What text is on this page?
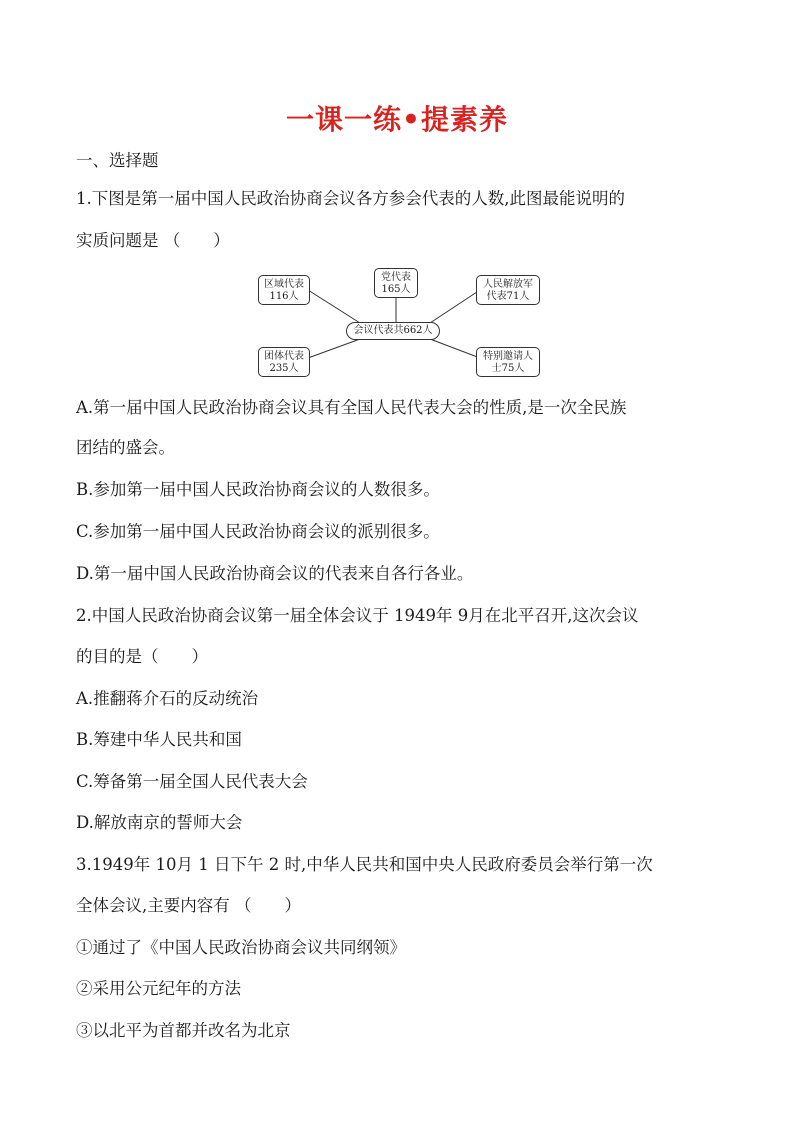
一课一练•提素养
一、选择题
1.下图是第一届中国人民政治协商会议各方参会代表的人数,此图最能说明的
实质问题是 （　　）
区域代表
116人
党代表
165人	人民解放军
代表71人
会议代表共662人
团体代表
235人
特别邀请人
士75人
A.第一届中国人民政治协商会议具有全国人民代表大会的性质,是一次全民族
团结的盛会。
B.参加第一届中国人民政治协商会议的人数很多。
C.参加第一届中国人民政治协商会议的派别很多。
D.第一届中国人民政治协商会议的代表来自各行各业。
2.中国人民政治协商会议第一届全体会议于 1949年 9月在北平召开,这次会议
的目的是（　　）
A.推翻蒋介石的反动统治
B.筹建中华人民共和国
C.筹备第一届全国人民代表大会
D.解放南京的誓师大会
3.1949年 10月 1 日下午 2 时,中华人民共和国中央人民政府委员会举行第一次
全体会议,主要内容有 （　　）
①通过了《中国人民政治协商会议共同纲领》
②采用公元纪年的方法
③以北平为首都并改名为北京
